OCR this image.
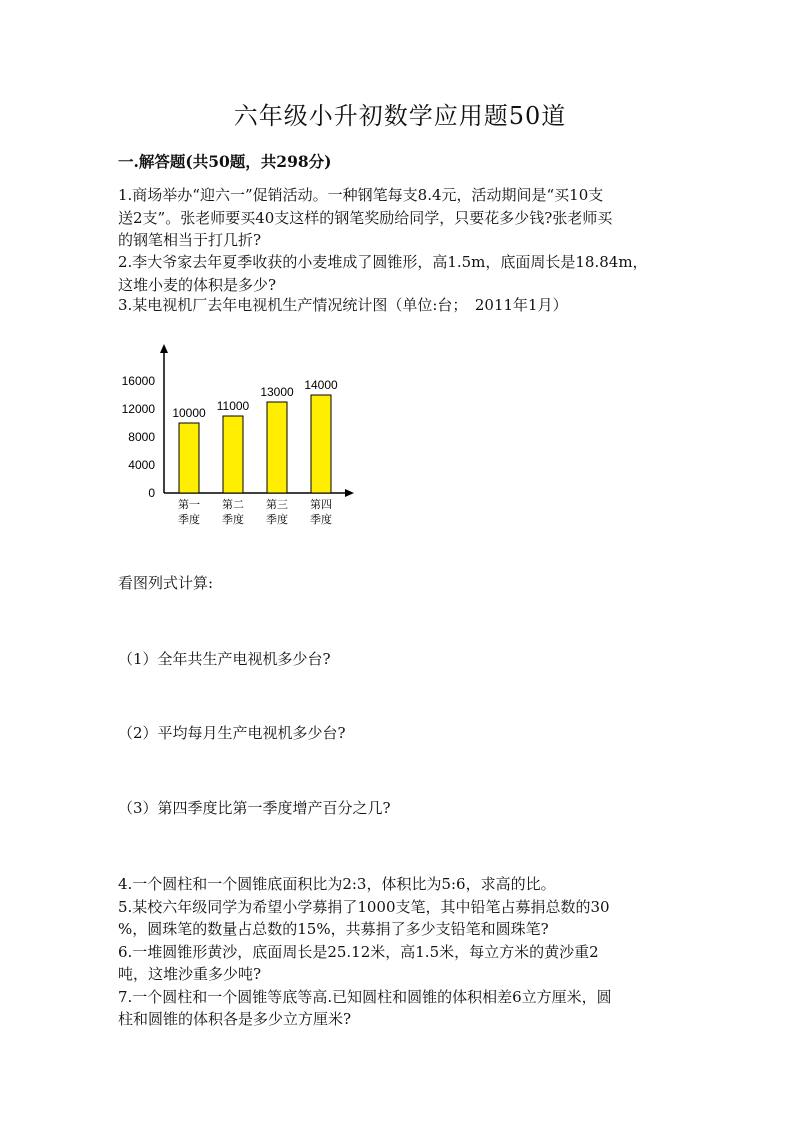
六年级小升初数学应用题50道
一.解答题(共50题，共298分)

1.商场举办“迎六一”促销活动。一种钢笔每支8.4元，活动期间是“买10支

送2支”。张老师要买40支这样的钢笔奖励给同学，只要花多少钱?张老师买

的钢笔相当于打几折?

2.李大爷家去年夏季收获的小麦堆成了圆锥形，高1.5m，底面周长是18.84m，

这堆小麦的体积是多少?

3.某电视机厂去年电视机生产情况统计图（单位:台；　2011年1月）

0
4000
8000
12000
16000
10000
第一
季度
11000
第二
季度
13000
第三
季度
14000
第四
季度
看图列式计算:
（1）全年共生产电视机多少台?
（2）平均每月生产电视机多少台?
（3）第四季度比第一季度增产百分之几?

4.一个圆柱和一个圆锥底面积比为2:3，体积比为5:6，求高的比。

5.某校六年级同学为希望小学募捐了1000支笔，其中铅笔占募捐总数的30

%，圆珠笔的数量占总数的15%，共募捐了多少支铅笔和圆珠笔?

6.一堆圆锥形黄沙，底面周长是25.12米，高1.5米，每立方米的黄沙重2

吨，这堆沙重多少吨?

7.一个圆柱和一个圆锥等底等高.已知圆柱和圆锥的体积相差6立方厘米，圆

柱和圆锥的体积各是多少立方厘米?
